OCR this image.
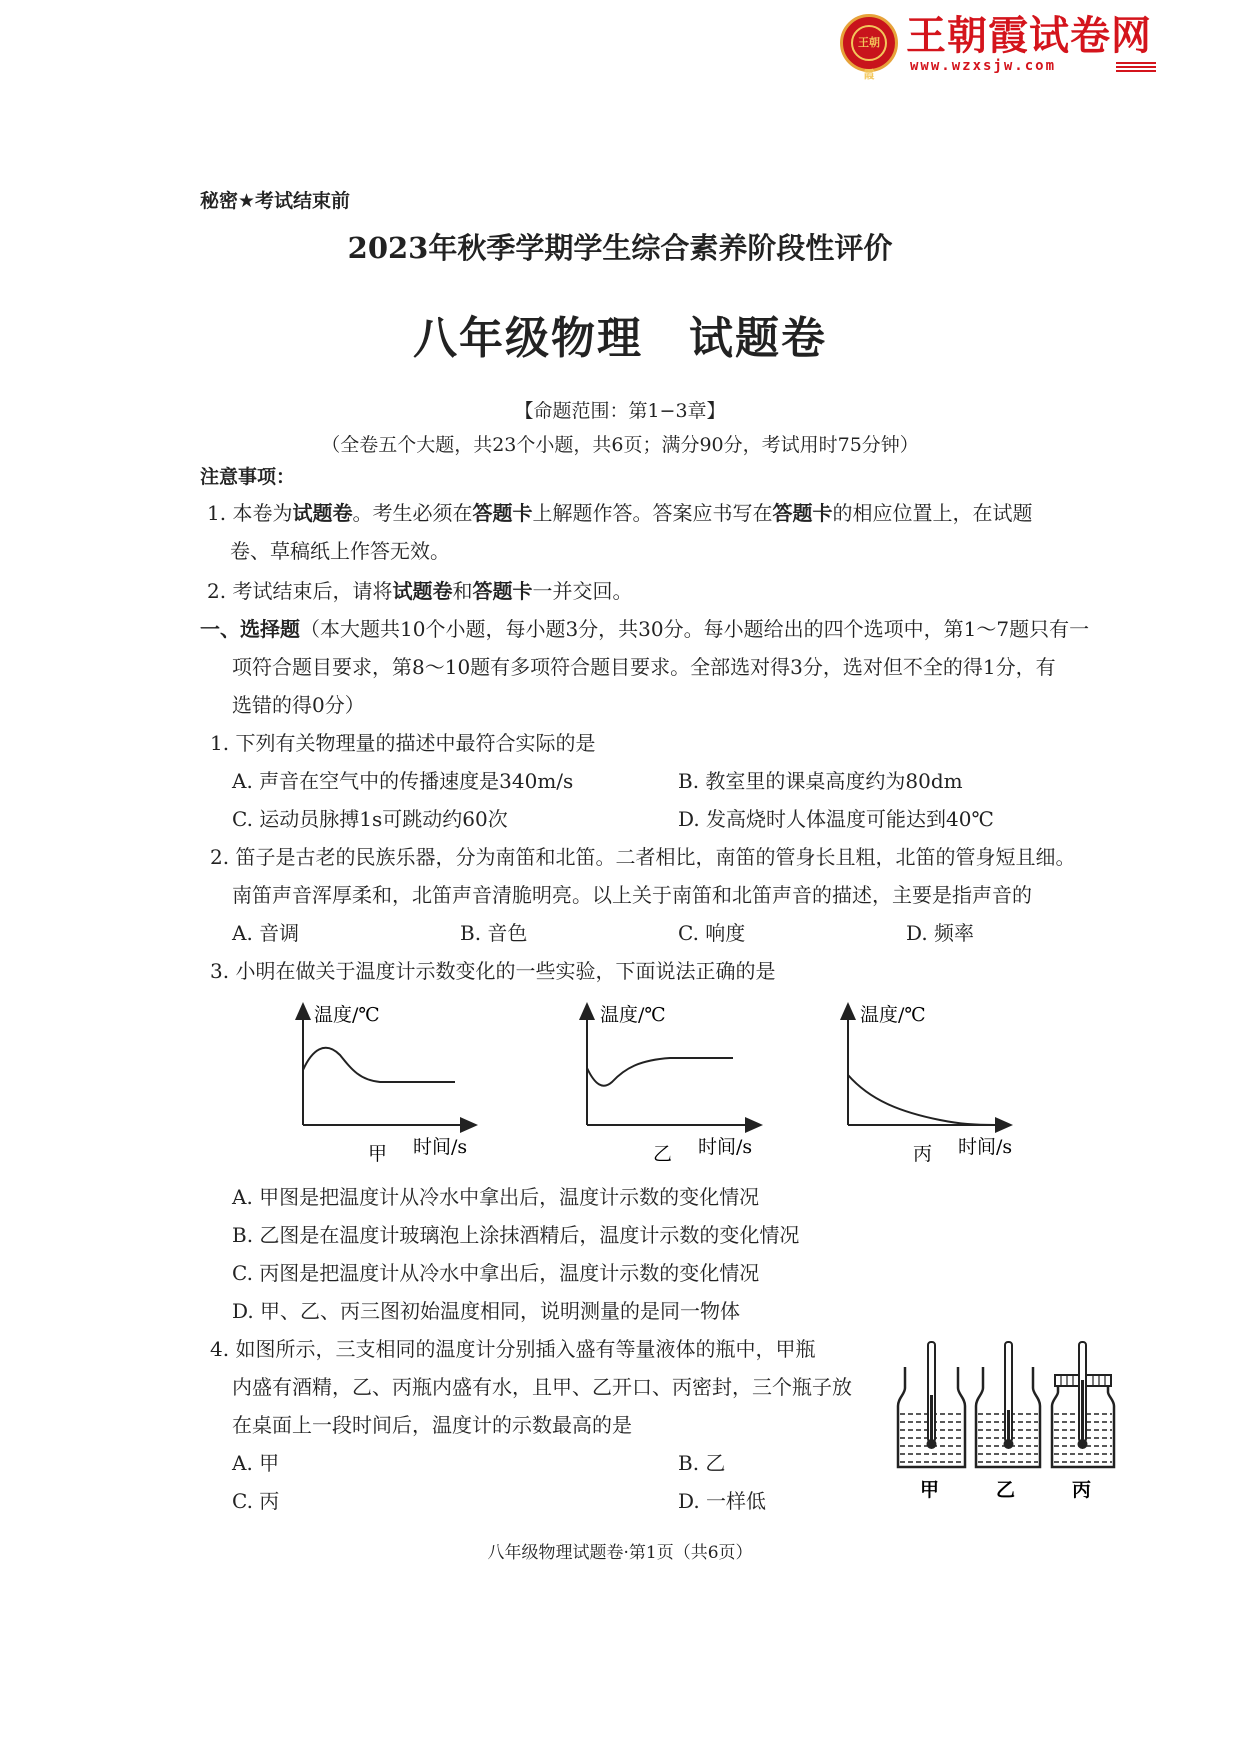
王朝霞
王朝霞试卷网
www.wzxsjw.com
秘密★考试结束前
2023年秋季学期学生综合素养阶段性评价
八年级物理　试题卷
【命题范围：第1−3章】
（全卷五个大题，共23个小题，共6页；满分90分，考试用时75分钟）
注意事项：
1. 本卷为试题卷。考生必须在答题卡上解题作答。答案应书写在答题卡的相应位置上，在试题
卷、草稿纸上作答无效。
2. 考试结束后，请将试题卷和答题卡一并交回。
一、选择题（本大题共10个小题，每小题3分，共30分。每小题给出的四个选项中，第1～7题只有一
项符合题目要求，第8～10题有多项符合题目要求。全部选对得3分，选对但不全的得1分，有
选错的得0分）
1. 下列有关物理量的描述中最符合实际的是
A. 声音在空气中的传播速度是340m/s	B. 教室里的课桌高度约为80dm
C. 运动员脉搏1s可跳动约60次	D. 发高烧时人体温度可能达到40℃
2. 笛子是古老的民族乐器，分为南笛和北笛。二者相比，南笛的管身长且粗，北笛的管身短且细。
南笛声音浑厚柔和，北笛声音清脆明亮。以上关于南笛和北笛声音的描述，主要是指声音的
A. 音调	B. 音色	C. 响度	D. 频率
3. 小明在做关于温度计示数变化的一些实验，下面说法正确的是
温度/℃
甲 时间/s
温度/℃
乙 时间/s
温度/℃
丙 时间/s
甲	乙	丙
A. 甲图是把温度计从冷水中拿出后，温度计示数的变化情况
B. 乙图是在温度计玻璃泡上涂抹酒精后，温度计示数的变化情况
C. 丙图是把温度计从冷水中拿出后，温度计示数的变化情况
D. 甲、乙、丙三图初始温度相同，说明测量的是同一物体
4. 如图所示，三支相同的温度计分别插入盛有等量液体的瓶中，甲瓶
内盛有酒精，乙、丙瓶内盛有水，且甲、乙开口、丙密封，三个瓶子放
在桌面上一段时间后，温度计的示数最高的是
A. 甲	B. 乙
C. 丙	D. 一样低
八年级物理试题卷·第1页（共6页）
